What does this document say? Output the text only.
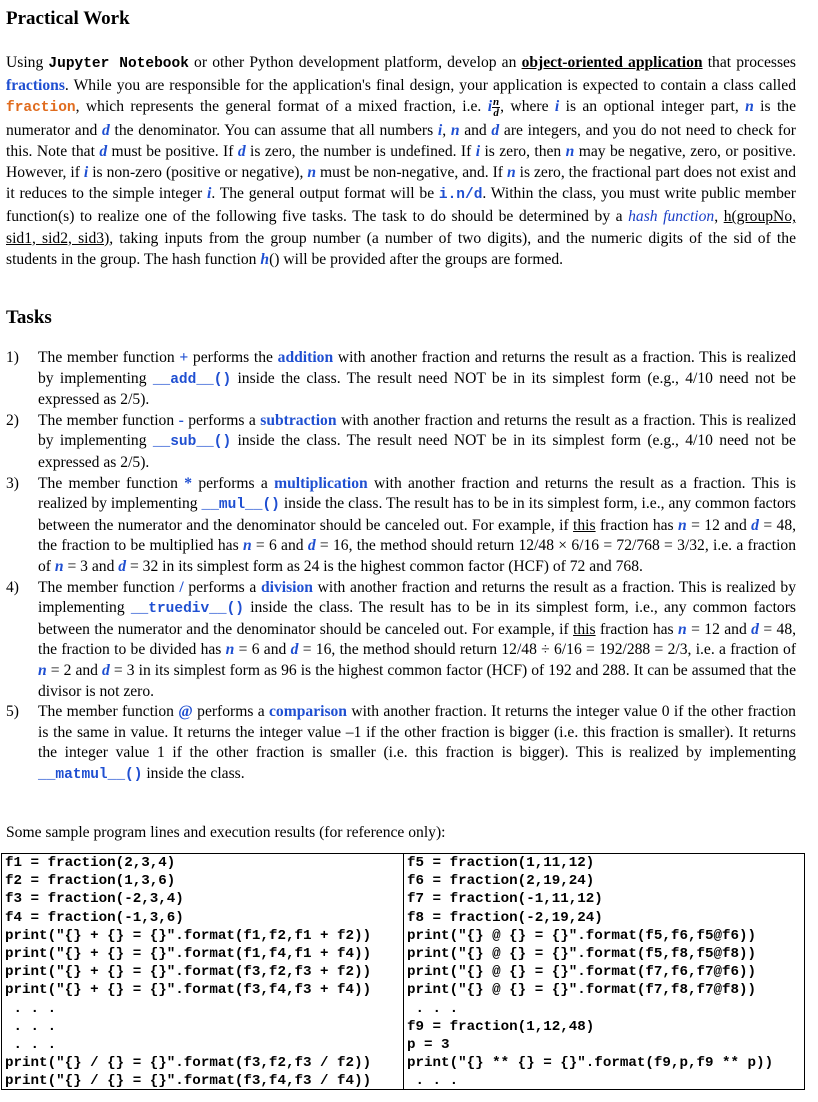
Practical Work
Using Jupyter Notebook or other Python development platform, develop an object-oriented application that processes fractions. While you are responsible for the application's final design, your application is expected to contain a class called fraction, which represents the general format of a mixed fraction, i.e. i $\frac{n}{d}$ , where i is an optional integer part, n is the numerator and d the denominator. You can assume that all numbers i, n and d are integers, and you do not need to check for this. Note that d must be positive. If d is zero, the number is undefined. If i is zero, then n may be negative, zero, or positive. However, if i is non-zero (positive or negative), n must be non-negative, and. If n is zero, the fractional part does not exist and it reduces to the simple integer i. The general output format will be i.n/d. Within the class, you must write public member function(s) to realize one of the following five tasks. The task to do should be determined by a hash function, h(groupNo, sid1, sid2, sid3), taking inputs from the group number (a number of two digits), and the numeric digits of the sid of the students in the group. The hash function h() will be provided after the groups are formed.
Tasks
1) The member function + performs the addition with another fraction and returns the result as a fraction. This is realized by implementing __add__() inside the class. The result need NOT be in its simplest form (e.g., 4/10 need not be expressed as 2/5).
2) The member function - performs a subtraction with another fraction and returns the result as a fraction. This is realized by implementing __sub__() inside the class. The result need NOT be in its simplest form (e.g., 4/10 need not be expressed as 2/5).
3) The member function * performs a multiplication with another fraction and returns the result as a fraction. This is realized by implementing __mul__() inside the class. The result has to be in its simplest form, i.e., any common factors between the numerator and the denominator should be canceled out. For example, if this fraction has n = 12 and d = 48, the fraction to be multiplied has n = 6 and d = 16, the method should return 12/48 × 6/16 = 72/768 = 3/32, i.e. a fraction of n = 3 and d = 32 in its simplest form as 24 is the highest common factor (HCF) of 72 and 768.
4) The member function / performs a division with another fraction and returns the result as a fraction. This is realized by implementing __truediv__() inside the class. The result has to be in its simplest form, i.e., any common factors between the numerator and the denominator should be canceled out. For example, if this fraction has n = 12 and d = 48, the fraction to be divided has n = 6 and d = 16, the method should return 12/48 ÷ 6/16 = 192/288 = 2/3, i.e. a fraction of n = 2 and d = 3 in its simplest form as 96 is the highest common factor (HCF) of 192 and 288. It can be assumed that the divisor is not zero.
5) The member function @ performs a comparison with another fraction. It returns the integer value 0 if the other fraction is the same in value. It returns the integer value –1 if the other fraction is bigger (i.e. this fraction is smaller). It returns the integer value 1 if the other fraction is smaller (i.e. this fraction is bigger). This is realized by implementing __matmul__() inside the class.
Some sample program lines and execution results (for reference only):
f1 = fraction(2,3,4)
f2 = fraction(1,3,6)
f3 = fraction(-2,3,4)
f4 = fraction(-1,3,6)
print("{} + {} = {}".format(f1,f2,f1 + f2))
print("{} + {} = {}".format(f1,f4,f1 + f4))
print("{} + {} = {}".format(f3,f2,f3 + f2))
print("{} + {} = {}".format(f3,f4,f3 + f4))
. . .
. . .
. . .
print("{} / {} = {}".format(f3,f2,f3 / f2))
print("{} / {} = {}".format(f3,f4,f3 / f4))
f5 = fraction(1,11,12)
f6 = fraction(2,19,24)
f7 = fraction(-1,11,12)
f8 = fraction(-2,19,24)
print("{} @ {} = {}".format(f5,f6,f5@f6))
print("{} @ {} = {}".format(f5,f8,f5@f8))
print("{} @ {} = {}".format(f7,f6,f7@f6))
print("{} @ {} = {}".format(f7,f8,f7@f8))
. . .
f9 = fraction(1,12,48)
p = 3
print("{} ** {} = {}".format(f9,p,f9 ** p))
. . .
